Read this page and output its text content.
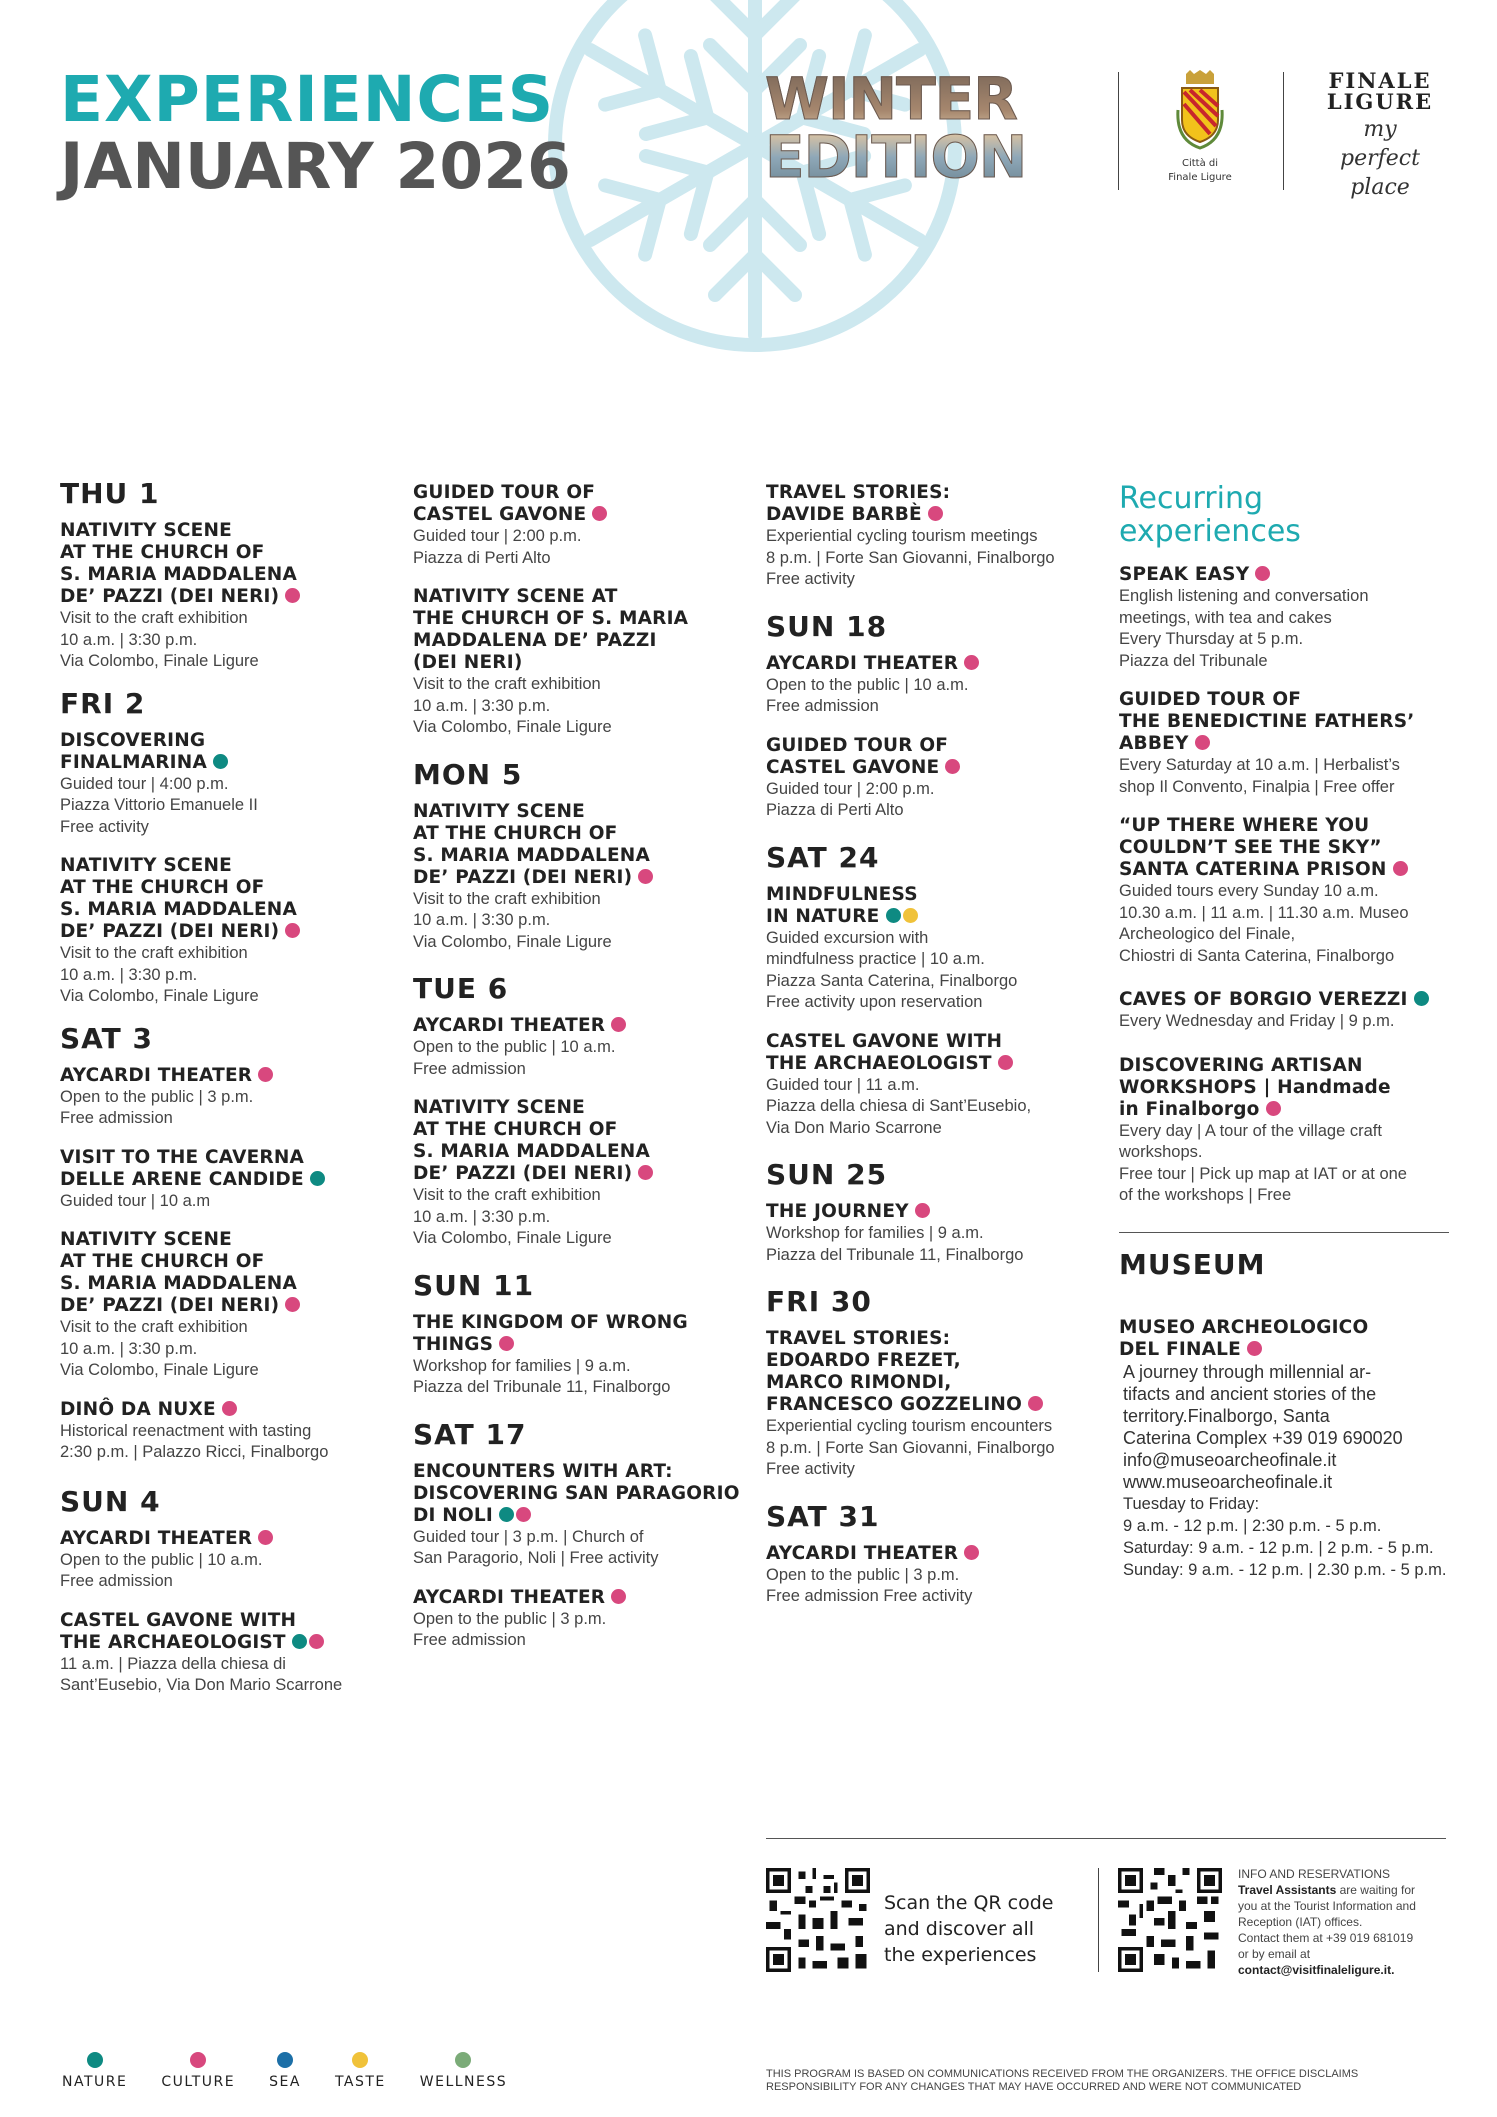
EXPERIENCES
JANUARY 2026
WINTER
EDITION	Città di
Finale Ligure
FINALE
LIGURE
my
perfect
place
THU 1
NATIVITY SCENE
AT THE CHURCH OF
S. MARIA MADDALENA
DE’ PAZZI (DEI NERI)
Visit to the craft exhibition
10 a.m. | 3:30 p.m.
Via Colombo, Finale Ligure
FRI 2
DISCOVERING
FINALMARINA
Guided tour | 4:00 p.m.
Piazza Vittorio Emanuele II
Free activity
NATIVITY SCENE
AT THE CHURCH OF
S. MARIA MADDALENA
DE’ PAZZI (DEI NERI)
Visit to the craft exhibition
10 a.m. | 3:30 p.m.
Via Colombo, Finale Ligure
SAT 3
AYCARDI THEATER
Open to the public | 3 p.m.
Free admission
VISIT TO THE CAVERNA
DELLE ARENE CANDIDE
Guided tour | 10 a.m
NATIVITY SCENE
AT THE CHURCH OF
S. MARIA MADDALENA
DE’ PAZZI (DEI NERI)
Visit to the craft exhibition
10 a.m. | 3:30 p.m.
Via Colombo, Finale Ligure
DINÔ DA NUXE
Historical reenactment with tasting
2:30 p.m. | Palazzo Ricci, Finalborgo
SUN 4
AYCARDI THEATER
Open to the public | 10 a.m.
Free admission
CASTEL GAVONE WITH
THE ARCHAEOLOGIST
11 a.m. | Piazza della chiesa di
Sant’Eusebio, Via Don Mario Scarrone
GUIDED TOUR OF
CASTEL GAVONE
Guided tour | 2:00 p.m.
Piazza di Perti Alto
NATIVITY SCENE AT
THE CHURCH OF S. MARIA
MADDALENA DE’ PAZZI
(DEI NERI)
Visit to the craft exhibition
10 a.m. | 3:30 p.m.
Via Colombo, Finale Ligure
MON 5
NATIVITY SCENE
AT THE CHURCH OF
S. MARIA MADDALENA
DE’ PAZZI (DEI NERI)
Visit to the craft exhibition
10 a.m. | 3:30 p.m.
Via Colombo, Finale Ligure
TUE 6
AYCARDI THEATER
Open to the public | 10 a.m.
Free admission
NATIVITY SCENE
AT THE CHURCH OF
S. MARIA MADDALENA
DE’ PAZZI (DEI NERI)
Visit to the craft exhibition
10 a.m. | 3:30 p.m.
Via Colombo, Finale Ligure
SUN 11
THE KINGDOM OF WRONG
THINGS
Workshop for families | 9 a.m.
Piazza del Tribunale 11, Finalborgo
SAT 17
ENCOUNTERS WITH ART:
DISCOVERING SAN PARAGORIO
DI NOLI
Guided tour | 3 p.m. | Church of
San Paragorio, Noli | Free activity
AYCARDI THEATER
Open to the public | 3 p.m.
Free admission
TRAVEL STORIES:
DAVIDE BARBÈ
Experiential cycling tourism meetings
8 p.m. | Forte San Giovanni, Finalborgo
Free activity
SUN 18
AYCARDI THEATER
Open to the public | 10 a.m.
Free admission
GUIDED TOUR OF
CASTEL GAVONE
Guided tour | 2:00 p.m.
Piazza di Perti Alto
SAT 24
MINDFULNESS
IN NATURE
Guided excursion with
mindfulness practice | 10 a.m.
Piazza Santa Caterina, Finalborgo
Free activity upon reservation
CASTEL GAVONE WITH
THE ARCHAEOLOGIST
Guided tour | 11 a.m.
Piazza della chiesa di Sant’Eusebio,
Via Don Mario Scarrone
SUN 25
THE JOURNEY
Workshop for families | 9 a.m.
Piazza del Tribunale 11, Finalborgo
FRI 30
TRAVEL STORIES:
EDOARDO FREZET,
MARCO RIMONDI,
FRANCESCO GOZZELINO
Experiential cycling tourism encounters
8 p.m. | Forte San Giovanni, Finalborgo
Free activity
SAT 31
AYCARDI THEATER
Open to the public | 3 p.m.
Free admission Free activity
Recurring
experiences
SPEAK EASY
English listening and conversation
meetings, with tea and cakes
Every Thursday at 5 p.m.
Piazza del Tribunale
GUIDED TOUR OF
THE BENEDICTINE FATHERS’
ABBEY
Every Saturday at 10 a.m. | Herbalist’s
shop Il Convento, Finalpia | Free offer
“UP THERE WHERE YOU
COULDN’T SEE THE SKY”
SANTA CATERINA PRISON
Guided tours every Sunday 10 a.m.
10.30 a.m. | 11 a.m. | 11.30 a.m. Museo
Archeologico del Finale,
Chiostri di Santa Caterina, Finalborgo
CAVES OF BORGIO VEREZZI
Every Wednesday and Friday | 9 p.m.
DISCOVERING ARTISAN
WORKSHOPS | Handmade
in Finalborgo
Every day | A tour of the village craft
workshops.
Free tour | Pick up map at IAT or at one
of the workshops | Free
MUSEUM
MUSEO ARCHEOLOGICO
DEL FINALE
A journey through millennial ar-
tifacts and ancient stories of the
territory.Finalborgo, Santa
Caterina Complex +39 019 690020
info@museoarcheofinale.it
www.museoarcheofinale.it
Tuesday to Friday:
9 a.m. - 12 p.m. | 2:30 p.m. - 5 p.m.
Saturday: 9 a.m. - 12 p.m. | 2 p.m. - 5 p.m.
Sunday: 9 a.m. - 12 p.m. | 2.30 p.m. - 5 p.m.
Scan the QR code
and discover all
the experiences
INFO AND RESERVATIONS
Travel Assistants are waiting for
you at the Tourist Information and
Reception (IAT) offices.
Contact them at +39 019 681019
or by email at
contact@visitfinaleligure.it.
NATURE CULTURE SEA TASTE WELLNESS	THIS PROGRAM IS BASED ON COMMUNICATIONS RECEIVED FROM THE ORGANIZERS. THE OFFICE DISCLAIMS
RESPONSIBILITY FOR ANY CHANGES THAT MAY HAVE OCCURRED AND WERE NOT COMMUNICATED
